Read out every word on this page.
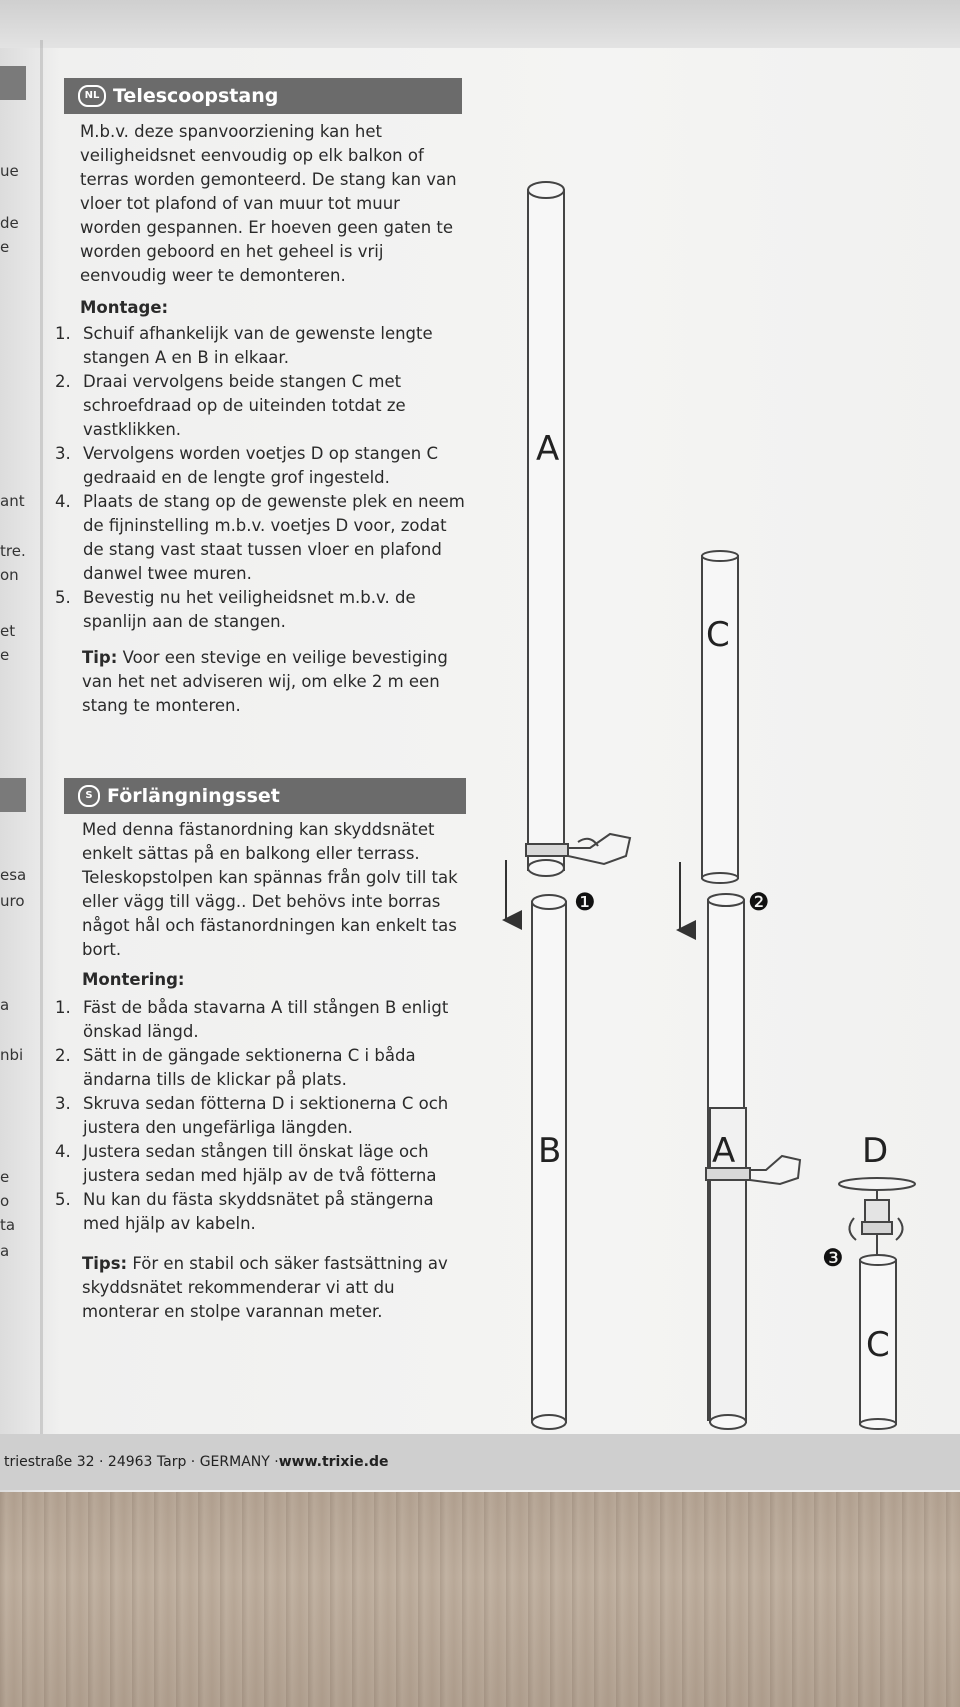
ue
de
e
ant
tre.
on
et
e
esa
uro
a
nbi
e
o
ta
a
NL Telescoopstang
M.b.v. deze spanvoorziening kan het veiligheidsnet eenvoudig op elk balkon of terras worden gemonteerd. De stang kan van vloer tot plafond of van muur tot muur worden gespannen. Er hoeven geen gaten te worden geboord en het geheel is vrij eenvoudig weer te demonteren.
Montage:
1. Schuif afhankelijk van de gewenste lengte stangen A en B in elkaar.
2. Draai vervolgens beide stangen C met schroefdraad op de uiteinden totdat ze vastklikken.
3. Vervolgens worden voetjes D op stangen C gedraaid en de lengte grof ingesteld.
4. Plaats de stang op de gewenste plek en neem de fijninstelling m.b.v. voetjes D voor, zodat de stang vast staat tussen vloer en plafond danwel twee muren.
5. Bevestig nu het veiligheidsnet m.b.v. de spanlijn aan de stangen.
Tip: Voor een stevige en veilige bevestiging van het net adviseren wij, om elke 2 m een stang te monteren.
S Förlängningsset
Med denna fästanordning kan skyddsnätet enkelt sättas på en balkong eller terrass. Teleskopstolpen kan spännas från golv till tak eller vägg till vägg.. Det behövs inte borras något hål och fästanordningen kan enkelt tas bort.
Montering:
1. Fäst de båda stavarna A till stången B enligt önskad längd.
2. Sätt in de gängade sektionerna C i båda ändarna tills de klickar på plats.
3. Skruva sedan fötterna D i sektionerna C och justera den ungefärliga längden.
4. Justera sedan stången till önskat läge och justera sedan med hjälp av de två fötterna
5. Nu kan du fästa skyddsnätet på stängerna med hjälp av kabeln.
Tips: För en stabil och säker fastsättning av skyddsnätet rekommenderar vi att du monterar en stolpe varannan meter.
A
❶
B
C
❷
A	D
❸
C
triestraße 32 · 24963 Tarp · GERMANY · www.trixie.de
